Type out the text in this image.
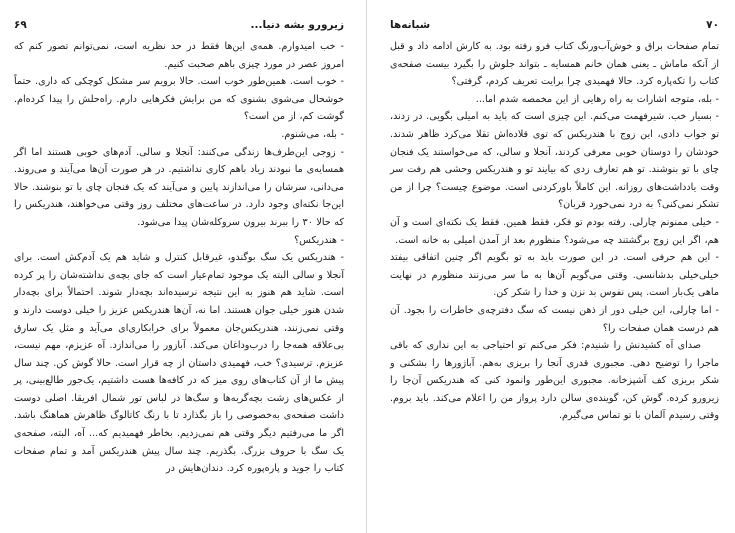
زیرورو بشه دنیا...
۶۹

- خب امیدوارم. همه‌ی این‌ها فقط در حد نظریه است، نمی‌توانم تصور کنم که امروز عصر در مورد چیزی باهم صحبت کنیم.

- خوب است. همین‌طور خوب است. حالا برویم سر مشکل کوچکی که داری. حتماً خوشحال می‌شوی بشنوی که من برایش فکرهایی دارم. راه‌حلش را پیدا کرده‌ام. گوشت کم، از من است؟

- بله، می‌شنوم.

- زوجی این‌طرف‌ها زندگی می‌کنند: آنجلا و سالی. آدم‌های خوبی هستند اما اگر همسایه‌ی ما نبودند زیاد باهم کاری نداشتیم. در هر صورت آن‌ها می‌آیند و می‌روند. می‌دانی، سرشان را می‌اندازند پایین و می‌آیند که یک فنجان چای با تو بنوشند. حالا این‌جا نکته‌ای وجود دارد. در ساعت‌های مختلف روز وقتی می‌خواهند، هندریکس را که حالا ۳۰ را ببرند بیرون سروکله‌شان پیدا می‌شود.

- هندریکس؟

- هندریکس یک سگ بوگندو، غیرقابل کنترل و شاید هم یک آدم‌کش است. برای آنجلا و سالی البته یک موجود تمام‌عیار است که جای بچه‌ی نداشته‌شان را پر کرده است. شاید هم هنوز به این نتیجه نرسیده‌اند بچه‌دار شوند. احتمالاً برای بچه‌دار شدن هنوز خیلی جوان هستند. اما نه، آن‌ها هندریکس عزیز را خیلی دوست دارند و وقتی نمی‌زنند، هندریکس‌جان معمولاً برای خرابکاری‌ای می‌آید و مثل یک سارق بی‌علاقه همه‌جا را درب‌وداغان می‌کند. آبازور را می‌اندازد. آه عزیزم، مهم نیست، عزیزم. ترسیدی؟ خب، فهمیدی داستان از چه قرار است. حالا گوش کن. چند سال پیش ما از آن کتاب‌های روی میز که در کافه‌ها هست داشتیم، یک‌جور طالع‌بینی، پر از عکس‌های زشت بچه‌گربه‌ها و سگ‌ها در لباس تور شمال افریقا. اصلی دوست داشت صفحه‌ی به‌خصوصی را باز بگذارد تا با رنگ کاتالوگ ظاهرش هماهنگ باشد. اگر ما می‌رفتیم دیگر وقتی هم نمی‌زدیم. بخاطر فهمیدیم که... آه، البته، صفحه‌ی یک سگ با حروف بزرگ. بگذریم. چند سال پیش هندریکس آمد و تمام صفحات کتاب را جوید و پاره‌پوره کرد. دندان‌هایش در

۷۰
شبانه‌ها

تمام صفحات براق و خوش‌آب‌ورنگ کتاب فرو رفته بود. به کارش ادامه داد و قبل از آنکه ماماش ـ یعنی همان خانم همسایه ـ بتواند جلوش را بگیرد بیست صفحه‌ی کتاب را تکه‌پاره کرد. حالا فهمیدی چرا برایت تعریف کردم، گرفتی؟

- بله، متوجه اشارات به راه رهایی از این مخمصه شدم اما...

- بسیار خب. شیرفهمت می‌کنم. این چیزی است که باید به امیلی بگویی. در زدند، تو جواب دادی، این زوج با هندریکس که توی قلاده‌اش تقلا می‌کرد ظاهر شدند. خودشان را دوستان خوبی معرفی کردند، آنجلا و سالی، که می‌خواستند یک فنجان چای با تو بنوشند. تو هم تعارف زدی که بیایند تو و هندریکس وحشی هم رفت سر وقت یادداشت‌های روزانه. این کاملاً باورکردنی است. موضوع چیست؟ چرا از من تشکر نمی‌کنی؟ به درد نمی‌خورد قربان؟

- خیلی ممنونم چارلی. رفته بودم تو فکر، فقط همین. فقط یک نکته‌ای است و آن هم، اگر این زوج برگشتند چه می‌شود؟ منظورم بعد از آمدن امیلی به خانه است.

- این هم حرفی است. در این صورت باید به تو بگویم اگر چنین اتفاقی بیفتد خیلی‌خیلی بدشانسی. وقتی می‌گویم آن‌ها به ما سر می‌زنند منظورم در نهایت ماهی یک‌بار است. پس نفوس بد نزن و خدا را شکر کن.

- اما چارلی، این خیلی دور از ذهن نیست که سگ دفترچه‌ی خاطرات را بجود. آن هم درست همان صفحات را؟

صدای آه کشیدنش را شنیدم: فکر می‌کنم تو احتیاجی به این نداری که باقی ماجرا را توضیح دهی. مجبوری قدری آنجا را بریزی به‌هم. آباژورها را بشکنی و شکر بریزی کف آشپزخانه. مجبوری این‌طور وانمود کنی که هندریکس آن‌جا را زیرورو کرده. گوش کن، گوینده‌ی سالن دارد پرواز من را اعلام می‌کند. باید بروم. وقتی رسیدم آلمان با تو تماس می‌گیرم.
